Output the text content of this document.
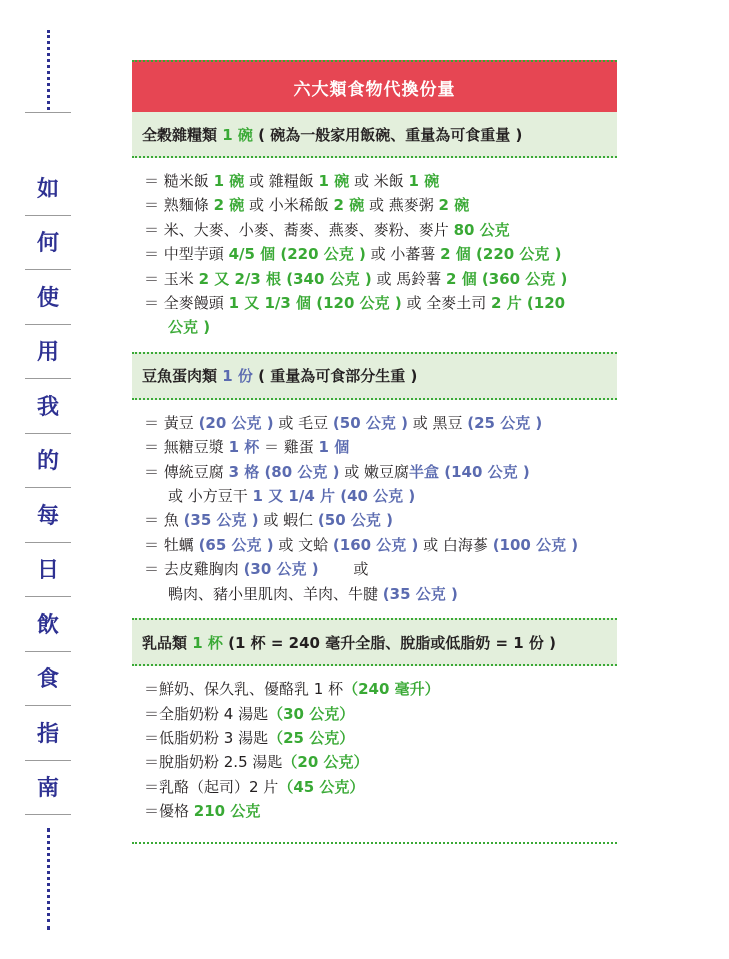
如
何
使
用
我
的
每
日
飲
食
指
南
六大類食物代換份量
全穀雜糧類
1 碗
( 碗為一般家用飯碗、重量為可食重量 )
＝ 糙米飯 1 碗 或 雜糧飯 1 碗 或 米飯 1 碗
＝ 熟麵條 2 碗 或 小米稀飯 2 碗 或 燕麥粥 2 碗
＝ 米、大麥、小麥、蕎麥、燕麥、麥粉、麥片 80 公克
＝ 中型芋頭 4/5 個 (220 公克 ) 或 小蕃薯 2 個 (220 公克 )
＝ 玉米 2 又 2/3 根 (340 公克 ) 或 馬鈴薯 2 個 (360 公克 )
＝ 全麥饅頭 1 又 1/3 個 (120 公克 ) 或 全麥土司 2 片 (120
公克 )
豆魚蛋肉類
1 份
( 重量為可食部分生重 )
＝ 黃豆 (20 公克 ) 或 毛豆 (50 公克 ) 或 黑豆 (25 公克 )
＝ 無糖豆漿 1 杯 ＝ 雞蛋 1 個
＝ 傳統豆腐 3 格 (80 公克 ) 或 嫩豆腐半盒 (140 公克 )
或 小方豆干 1 又 1/4 片 (40 公克 )
＝ 魚 (35 公克 ) 或 蝦仁 (50 公克 )
＝ 牡蠣 (65 公克 ) 或 文蛤 (160 公克 ) 或 白海蔘 (100 公克 )
＝ 去皮雞胸肉 (30 公克 )　　 或
鴨肉、豬小里肌肉、羊肉、牛腱 (35 公克 )
乳品類
1 杯
(1 杯 = 240 毫升全脂、脫脂或低脂奶 = 1 份 )
＝鮮奶、保久乳、優酪乳 1 杯（240 毫升）
＝全脂奶粉 4 湯匙（30 公克）
＝低脂奶粉 3 湯匙（25 公克）
＝脫脂奶粉 2.5 湯匙（20 公克）
＝乳酪（起司）2 片（45 公克）
＝優格 210 公克
